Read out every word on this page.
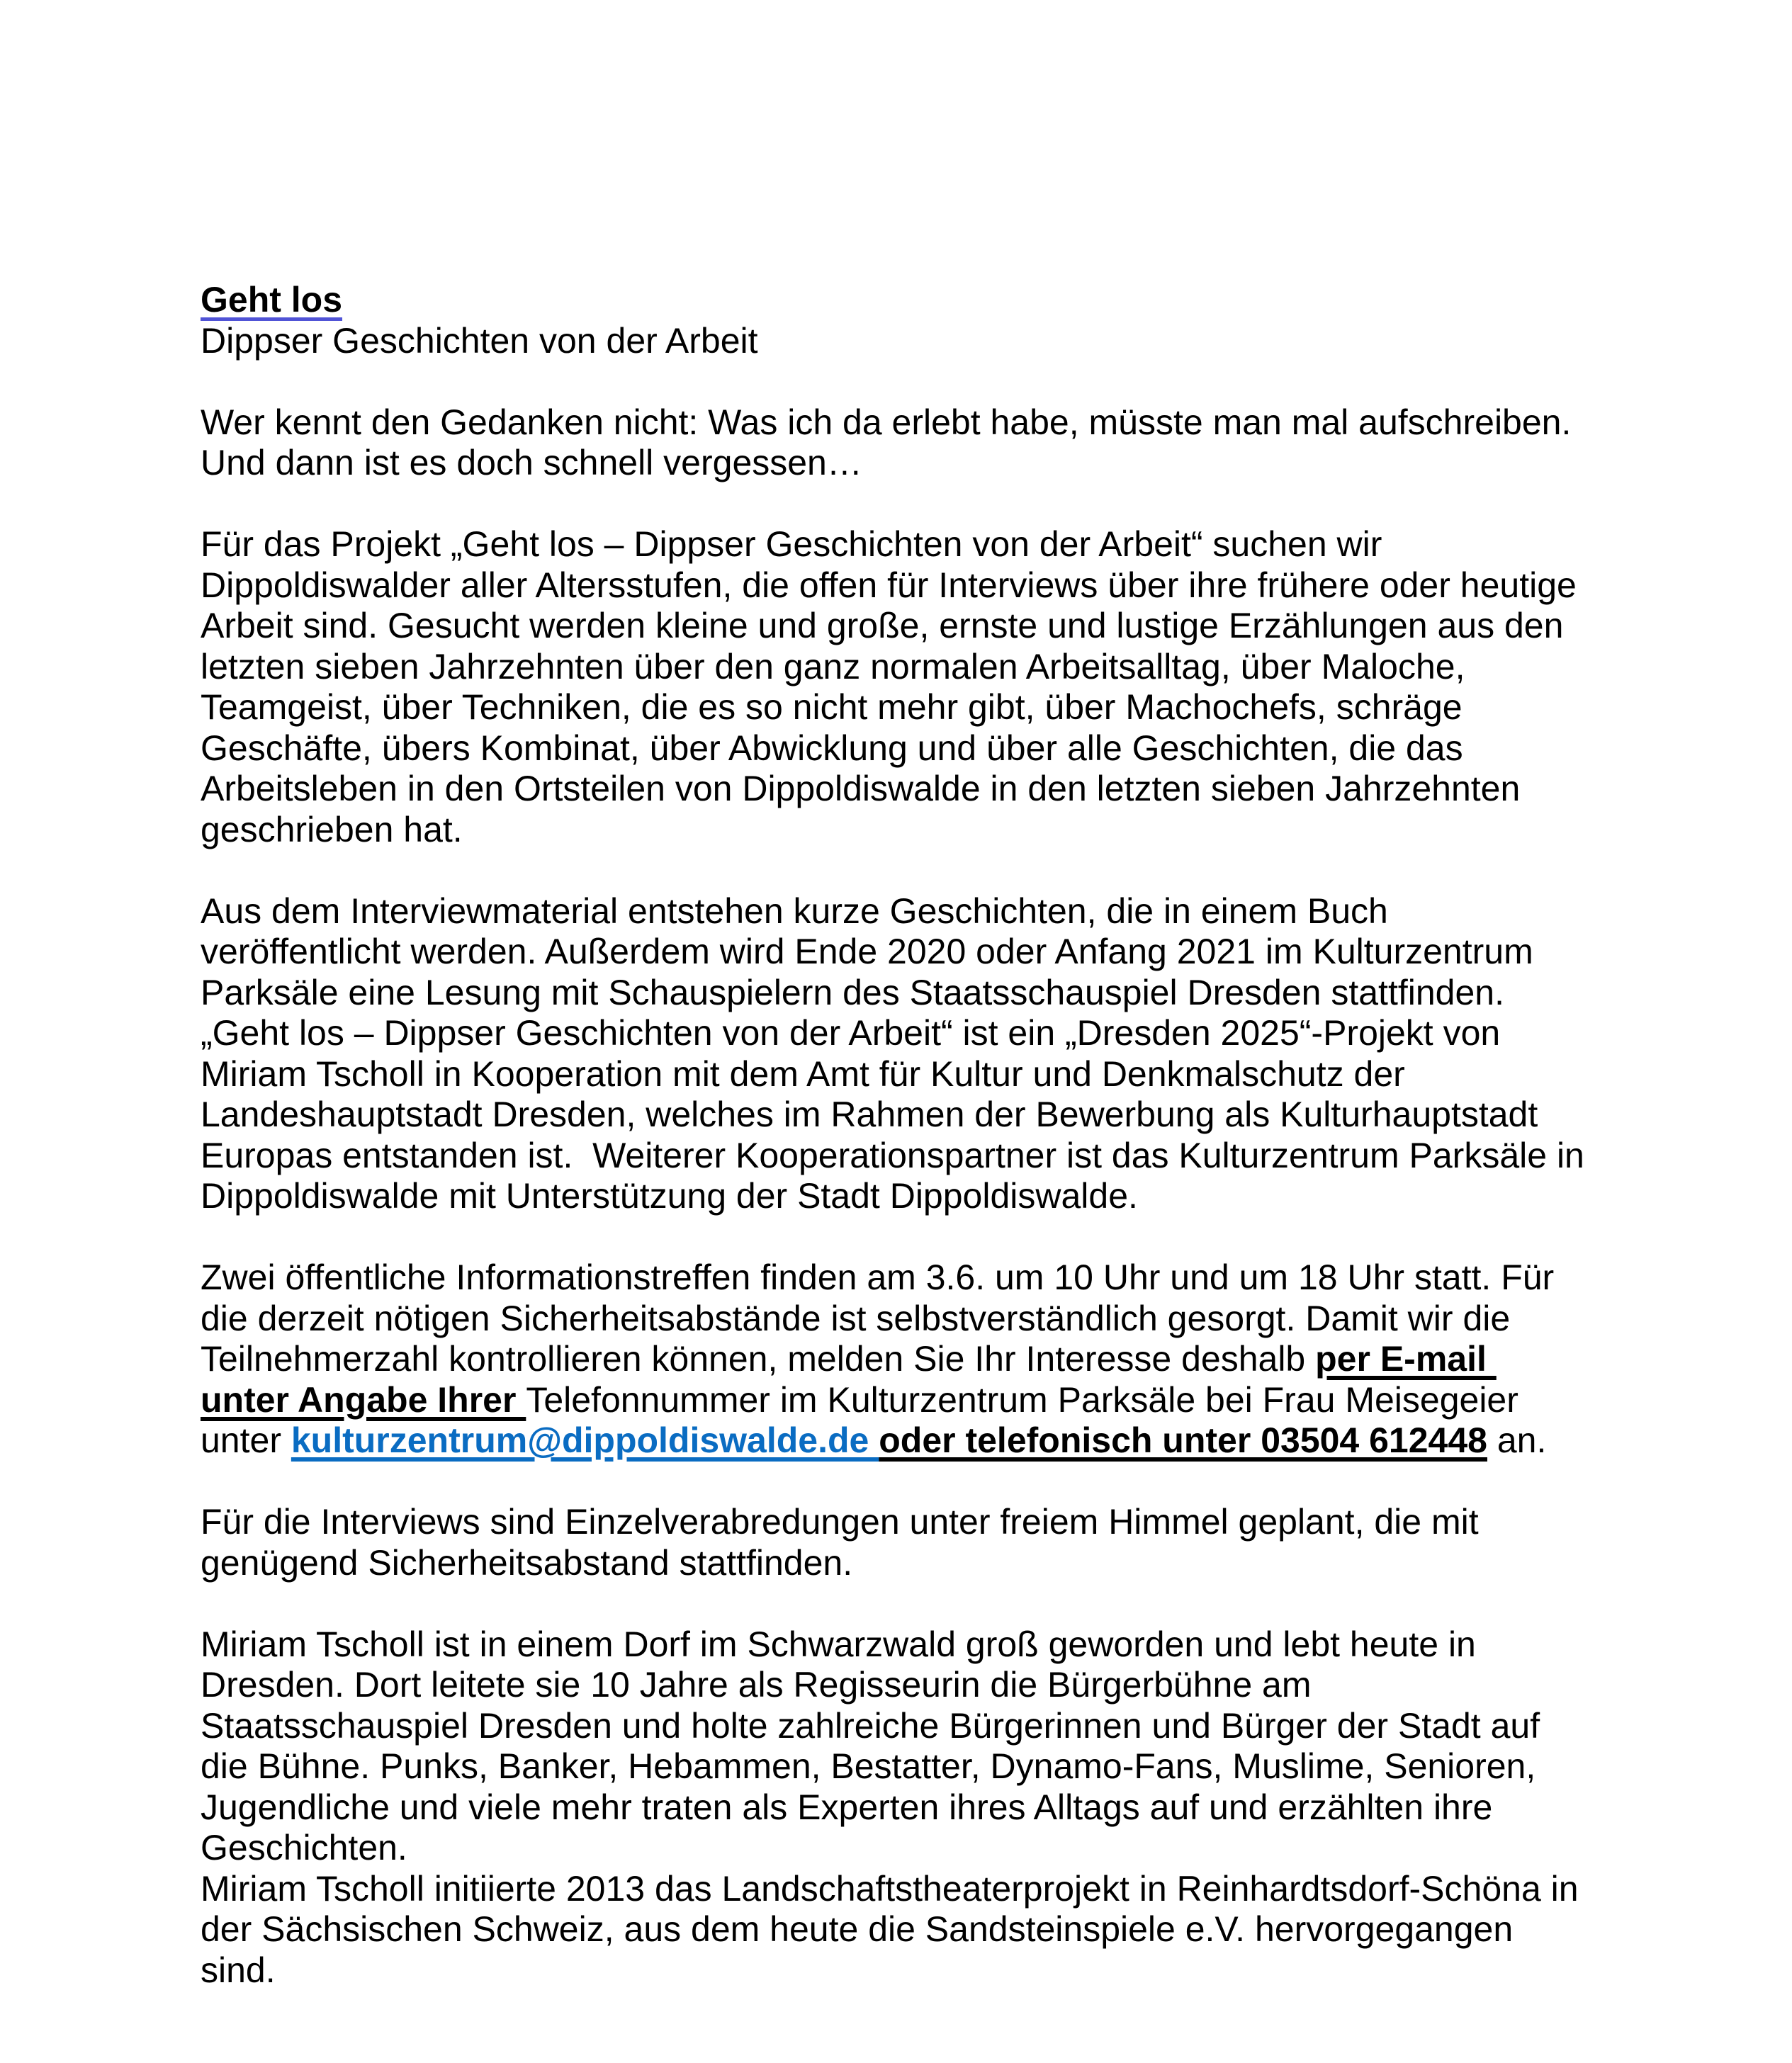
Geht los
Dippser Geschichten von der Arbeit
Wer kennt den Gedanken nicht: Was ich da erlebt habe, müsste man mal aufschreiben.
Und dann ist es doch schnell vergessen…
Für das Projekt „Geht los – Dippser Geschichten von der Arbeit“ suchen wir
Dippoldiswalder aller Altersstufen, die offen für Interviews über ihre frühere oder heutige
Arbeit sind. Gesucht werden kleine und große, ernste und lustige Erzählungen aus den
letzten sieben Jahrzehnten über den ganz normalen Arbeitsalltag, über Maloche,
Teamgeist, über Techniken, die es so nicht mehr gibt, über Machochefs, schräge
Geschäfte, übers Kombinat, über Abwicklung und über alle Geschichten, die das
Arbeitsleben in den Ortsteilen von Dippoldiswalde in den letzten sieben Jahrzehnten
geschrieben hat.
Aus dem Interviewmaterial entstehen kurze Geschichten, die in einem Buch
veröffentlicht werden. Außerdem wird Ende 2020 oder Anfang 2021 im Kulturzentrum
Parksäle eine Lesung mit Schauspielern des Staatsschauspiel Dresden stattfinden.
„Geht los – Dippser Geschichten von der Arbeit“ ist ein „Dresden 2025“-Projekt von
Miriam Tscholl in Kooperation mit dem Amt für Kultur und Denkmalschutz der
Landeshauptstadt Dresden, welches im Rahmen der Bewerbung als Kulturhauptstadt
Europas entstanden ist.  Weiterer Kooperationspartner ist das Kulturzentrum Parksäle in
Dippoldiswalde mit Unterstützung der Stadt Dippoldiswalde.
Zwei öffentliche Informationstreffen finden am 3.6. um 10 Uhr und um 18 Uhr statt. Für
die derzeit nötigen Sicherheitsabstände ist selbstverständlich gesorgt. Damit wir die
Teilnehmerzahl kontrollieren können, melden Sie Ihr Interesse deshalb per E-mail
unter Angabe Ihrer Telefonnummer im Kulturzentrum Parksäle bei Frau Meisegeier
unter kulturzentrum@dippoldiswalde.de oder telefonisch unter 03504 612448 an.
Für die Interviews sind Einzelverabredungen unter freiem Himmel geplant, die mit
genügend Sicherheitsabstand stattfinden.
Miriam Tscholl ist in einem Dorf im Schwarzwald groß geworden und lebt heute in
Dresden. Dort leitete sie 10 Jahre als Regisseurin die Bürgerbühne am
Staatsschauspiel Dresden und holte zahlreiche Bürgerinnen und Bürger der Stadt auf
die Bühne. Punks, Banker, Hebammen, Bestatter, Dynamo-Fans, Muslime, Senioren,
Jugendliche und viele mehr traten als Experten ihres Alltags auf und erzählten ihre
Geschichten.
Miriam Tscholl initiierte 2013 das Landschaftstheaterprojekt in Reinhardtsdorf-Schöna in
der Sächsischen Schweiz, aus dem heute die Sandsteinspiele e.V. hervorgegangen
sind.
